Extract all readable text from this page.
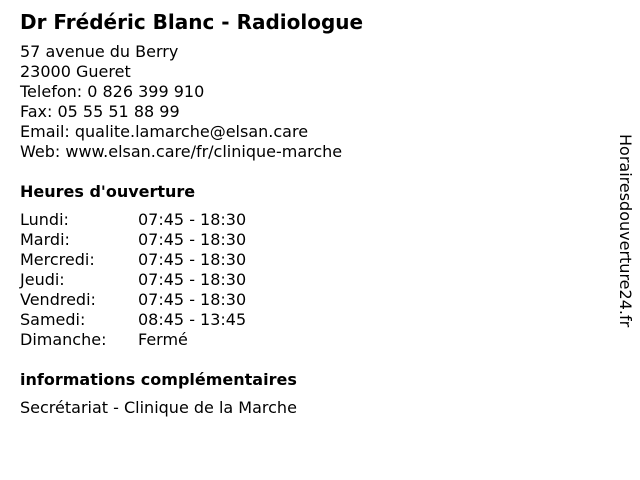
Dr Frédéric Blanc - Radiologue
57 avenue du Berry
23000 Gueret
Telefon: 0 826 399 910
Fax: 05 55 51 88 99
Email: qualite.lamarche@elsan.care
Web: www.elsan.care/fr/clinique-marche
Heures d'ouverture
Lundi:	07:45 - 18:30
Mardi:	07:45 - 18:30
Mercredi:	07:45 - 18:30
Jeudi:	07:45 - 18:30
Vendredi:	07:45 - 18:30
Samedi:	08:45 - 13:45
Dimanche:	Fermé
informations complémentaires
Secrétariat - Clinique de la Marche
Horairesdouverture24.fr
